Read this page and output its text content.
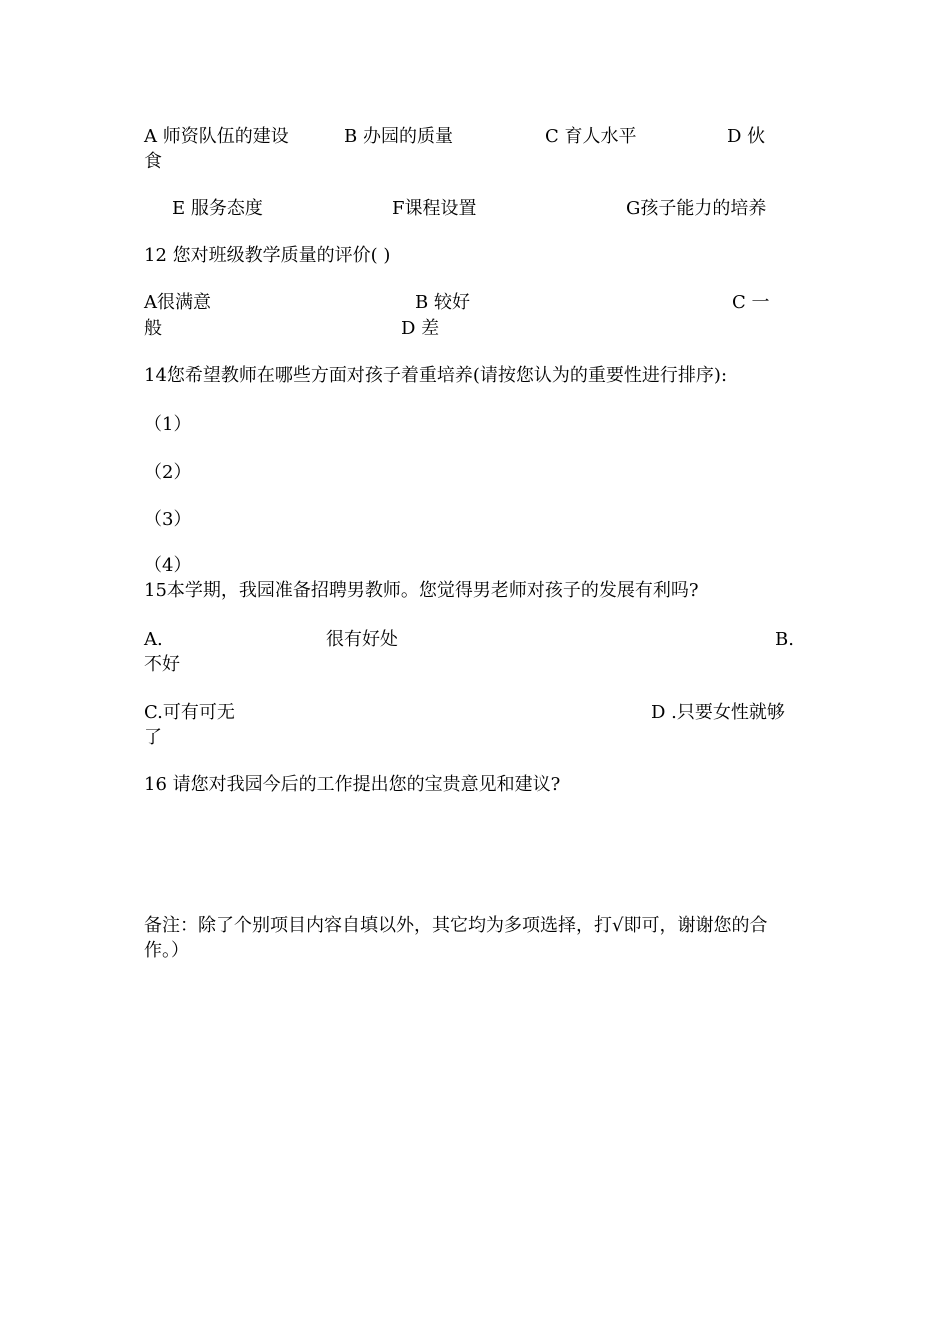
A 师资队伍的建设	B 办园的质量	C 育人水平	D 伙
食
E 服务态度	F课程设置	G孩子能力的培养
12 您对班级教学质量的评价( )
A很满意	B 较好	C 一
般	D 差
14您希望教师在哪些方面对孩子着重培养(请按您认为的重要性进行排序):
（1）
（2）
（3）
（4）
15本学期，我园准备招聘男教师。您觉得男老师对孩子的发展有利吗?
A.	很有好处	B.
不好
C.可有可无	D .只要女性就够
了
16 请您对我园今后的工作提出您的宝贵意见和建议?
备注：除了个别项目内容自填以外，其它均为多项选择，打√即可，谢谢您的合
作。）
